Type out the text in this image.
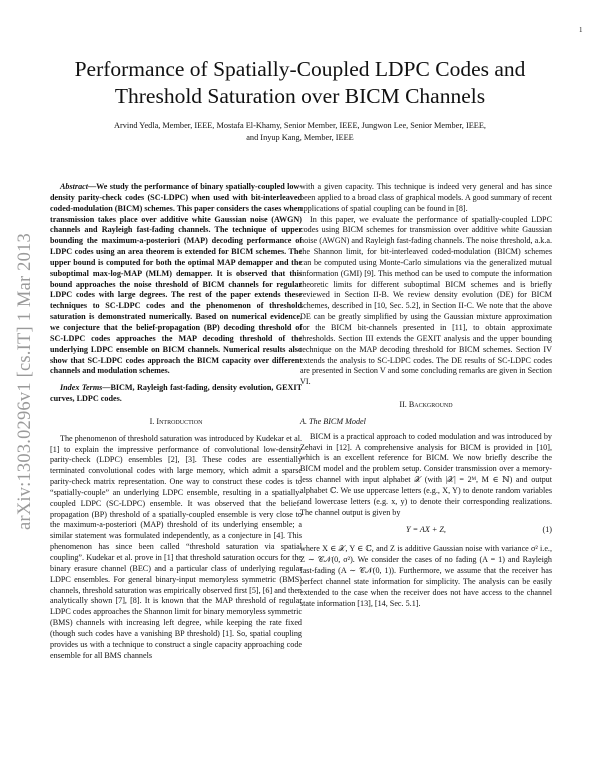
1
arXiv:1303.0296v1 [cs.IT] 1 Mar 2013
Performance of Spatially-Coupled LDPC Codes and
Threshold Saturation over BICM Channels
Arvind Yedla, Member, IEEE, Mostafa El-Khamy, Senior Member, IEEE, Jungwon Lee, Senior Member, IEEE,
and Inyup Kang, Member, IEEE

Abstract—We study the performance of binary spatially-coupled low-density parity-check codes (SC-LDPC) when used with bit-interleaved coded-modulation (BICM) schemes. This paper considers the cases when transmission takes place over additive white Gaussian noise (AWGN) channels and Rayleigh fast-fading channels. The technique of upper bounding the maximum-a-posteriori (MAP) decoding performance of LDPC codes using an area theorem is extended for BICM schemes. The upper bound is computed for both the optimal MAP demapper and the suboptimal max-log-MAP (MLM) demapper. It is observed that this bound approaches the noise threshold of BICM channels for regular LDPC codes with large degrees. The rest of the paper extends these techniques to SC-LDPC codes and the phenomenon of threshold saturation is demonstrated numerically. Based on numerical evidence, we conjecture that the belief-propagation (BP) decoding threshold of SC-LDPC codes approaches the MAP decoding threshold of the underlying LDPC ensemble on BICM channels. Numerical results also show that SC-LDPC codes approach the BICM capacity over different channels and modulation schemes.

Index Terms—BICM, Rayleigh fast-fading, density evolution, GEXIT curves, LDPC codes.

I. Introduction

The phenomenon of threshold saturation was introduced by Kudekar et al. [1] to explain the impressive performance of convolutional low-density parity-check (LDPC) ensembles [2], [3]. These codes are essentially terminated convolutional codes with large memory, which admit a sparse parity-check matrix representation. One way to construct these codes is to “spatially-couple” an underlying LDPC ensemble, resulting in a spatially-coupled LDPC (SC-LDPC) ensemble. It was observed that the belief-propagation (BP) threshold of a spatially-coupled ensemble is very close to the maximum-a-posteriori (MAP) threshold of its underlying ensemble; a similar statement was formulated independently, as a conjecture in [4]. This phenomenon has since been called “threshold saturation via spatial coupling”. Kudekar et al. prove in [1] that threshold saturation occurs for the binary erasure channel (BEC) and a particular class of underlying regular LDPC ensembles. For general binary-input memoryless symmetric (BMS) channels, threshold saturation was empirically observed first [5], [6] and then analytically shown [7], [8]. It is known that the MAP threshold of regular LDPC codes approaches the Shannon limit for binary memoryless symmetric (BMS) channels with increasing left degree, while keeping the rate fixed (though such codes have a vanishing BP threshold) [1]. So, spatial coupling provides us with a technique to construct a single capacity approaching code ensemble for all BMS channels

with a given capacity. This technique is indeed very general and has since been applied to a broad class of graphical models. A good summary of recent applications of spatial coupling can be found in [8].

In this paper, we evaluate the performance of spatially-coupled LDPC codes using BICM schemes for transmission over additive white Gaussian noise (AWGN) and Rayleigh fast-fading channels. The noise threshold, a.k.a. the Shannon limit, for bit-interleaved coded-modulation (BICM) schemes can be computed using Monte-Carlo simulations via the generalized mutual information (GMI) [9]. This method can be used to compute the information theoretic limits for different suboptimal BICM schemes and is briefly reviewed in Section II-B. We review density evolution (DE) for BICM schemes, described in [10, Sec. 5.2], in Section II-C. We note that the above DE can be greatly simplified by using the Gaussian mixture approximation for the BICM bit-channels presented in [11], to obtain approximate thresholds. Section III extends the GEXIT analysis and the upper bounding technique on the MAP decoding threshold for BICM schemes. Section IV extends the analysis to SC-LDPC codes. The DE results of SC-LDPC codes are presented in Section V and some concluding remarks are given in Section VI.

II. Background
A. The BICM Model

BICM is a practical approach to coded modulation and was introduced by Zehavi in [12]. A comprehensive analysis for BICM is provided in [10], which is an excellent reference for BICM. We now briefly describe the BICM model and the problem setup. Consider transmission over a memory-less channel with input alphabet 𝒳 (with |𝒳| = 2ᴹ, M ∈ ℕ) and output alphabet ℂ. We use uppercase letters (e.g., X, Y) to denote random variables and lowercase letters (e.g. x, y) to denote their corresponding realizations. The channel output is given by

Y = AX + Z,	(1)

where X ∈ 𝒳, Y ∈ ℂ, and Z is additive Gaussian noise with variance σ² i.e., Z ∼ 𝒞𝒩(0, σ²). We consider the cases of no fading (A = 1) and Rayleigh fast-fading (A ∼ 𝒞𝒩(0, 1)). Furthermore, we assume that the receiver has perfect channel state information for simplicity. The analysis can be easily extended to the case when the receiver does not have access to the channel state information [13], [14, Sec. 5.1].
